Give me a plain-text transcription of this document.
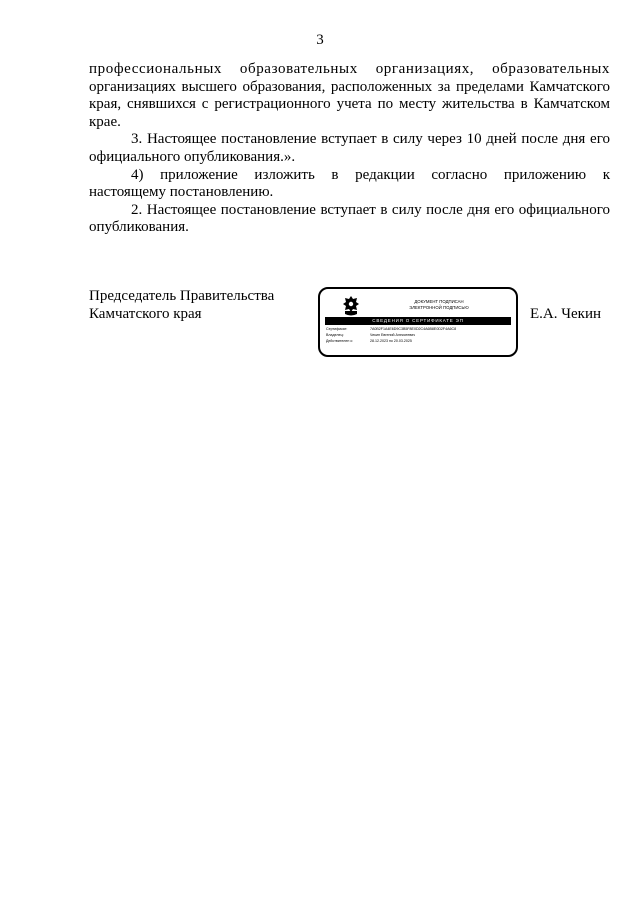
3

профессиональных образовательных организациях, образовательных

организациях высшего образования, расположенных за пределами Камчатского края, снявшихся с регистрационного учета по месту жительства в Камчатском крае.

3. Настоящее постановление вступает в силу через 10 дней после дня его официального опубликования.».

4) приложение изложить в редакции согласно приложению к

настоящему постановлению.

2. Настоящее постановление вступает в силу после дня его официального опубликования.

Председатель Правительства
Камчатского края
ДОКУМЕНТ ПОДПИСАН
ЭЛЕКТРОННОЙ ПОДПИСЬЮ
СВЕДЕНИЯ О СЕРТИФИКАТЕ ЭП
Сертификат:	7A0B2F1A4E6D9C3B5F8E0D2C4A6B8E0D2F4A6C8
Владелец:	Чекин Евгений Алексеевич
Действителен с:	28.12.2023 по 20.03.2025
Е.А. Чекин
